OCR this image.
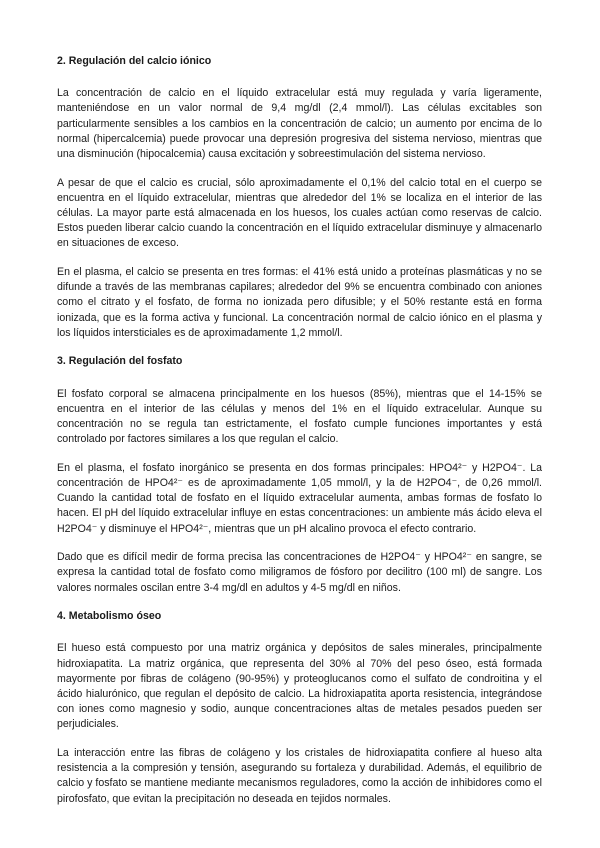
2. Regulación del calcio iónico

La concentración de calcio en el líquido extracelular está muy regulada y varía ligeramente, manteniéndose en un valor normal de 9,4 mg/dl (2,4 mmol/l). Las células excitables son particularmente sensibles a los cambios en la concentración de calcio; un aumento por encima de lo normal (hipercalcemia) puede provocar una depresión progresiva del sistema nervioso, mientras que una disminución (hipocalcemia) causa excitación y sobreestimulación del sistema nervioso.

A pesar de que el calcio es crucial, sólo aproximadamente el 0,1% del calcio total en el cuerpo se encuentra en el líquido extracelular, mientras que alrededor del 1% se localiza en el interior de las células. La mayor parte está almacenada en los huesos, los cuales actúan como reservas de calcio. Estos pueden liberar calcio cuando la concentración en el líquido extracelular disminuye y almacenarlo en situaciones de exceso.

En el plasma, el calcio se presenta en tres formas: el 41% está unido a proteínas plasmáticas y no se difunde a través de las membranas capilares; alrededor del 9% se encuentra combinado con aniones como el citrato y el fosfato, de forma no ionizada pero difusible; y el 50% restante está en forma ionizada, que es la forma activa y funcional. La concentración normal de calcio iónico en el plasma y los líquidos intersticiales es de aproximadamente 1,2 mmol/l.

3. Regulación del fosfato

El fosfato corporal se almacena principalmente en los huesos (85%), mientras que el 14-15% se encuentra en el interior de las células y menos del 1% en el líquido extracelular. Aunque su concentración no se regula tan estrictamente, el fosfato cumple funciones importantes y está controlado por factores similares a los que regulan el calcio.

En el plasma, el fosfato inorgánico se presenta en dos formas principales: HPO4²⁻ y H2PO4⁻. La concentración de HPO4²⁻ es de aproximadamente 1,05 mmol/l, y la de H2PO4⁻, de 0,26 mmol/l. Cuando la cantidad total de fosfato en el líquido extracelular aumenta, ambas formas de fosfato lo hacen. El pH del líquido extracelular influye en estas concentraciones: un ambiente más ácido eleva el H2PO4⁻ y disminuye el HPO4²⁻, mientras que un pH alcalino provoca el efecto contrario.

Dado que es difícil medir de forma precisa las concentraciones de H2PO4⁻ y HPO4²⁻ en sangre, se expresa la cantidad total de fosfato como miligramos de fósforo por decilitro (100 ml) de sangre. Los valores normales oscilan entre 3-4 mg/dl en adultos y 4-5 mg/dl en niños.

4. Metabolismo óseo

El hueso está compuesto por una matriz orgánica y depósitos de sales minerales, principalmente hidroxiapatita. La matriz orgánica, que representa del 30% al 70% del peso óseo, está formada mayormente por fibras de colágeno (90-95%) y proteoglucanos como el sulfato de condroitina y el ácido hialurónico, que regulan el depósito de calcio. La hidroxiapatita aporta resistencia, integrándose con iones como magnesio y sodio, aunque concentraciones altas de metales pesados pueden ser perjudiciales.

La interacción entre las fibras de colágeno y los cristales de hidroxiapatita confiere al hueso alta resistencia a la compresión y tensión, asegurando su fortaleza y durabilidad. Además, el equilibrio de calcio y fosfato se mantiene mediante mecanismos reguladores, como la acción de inhibidores como el pirofosfato, que evitan la precipitación no deseada en tejidos normales.
